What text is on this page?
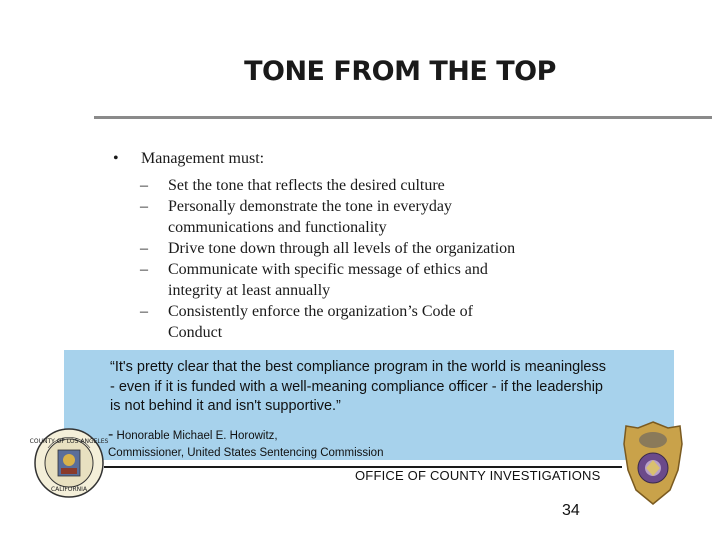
TONE FROM THE TOP
•	Management must:
–	Set the tone that reflects the desired culture
–	Personally demonstrate the tone in everyday
communications and functionality
–	Drive tone down through all levels of the organization
–	Communicate with specific message of ethics and
integrity at least annually
–	Consistently enforce the organization’s Code of
Conduct
“It's pretty clear that the best compliance program in the world is meaningless
- even if it is funded with a well-meaning compliance officer - if the leadership
is not behind it and isn't supportive.”
- Honorable Michael E. Horowitz,
Commissioner, United States Sentencing Commission
OFFICE OF COUNTY INVESTIGATIONS
34
COUNTY OF LOS ANGELES
CALIFORNIA
